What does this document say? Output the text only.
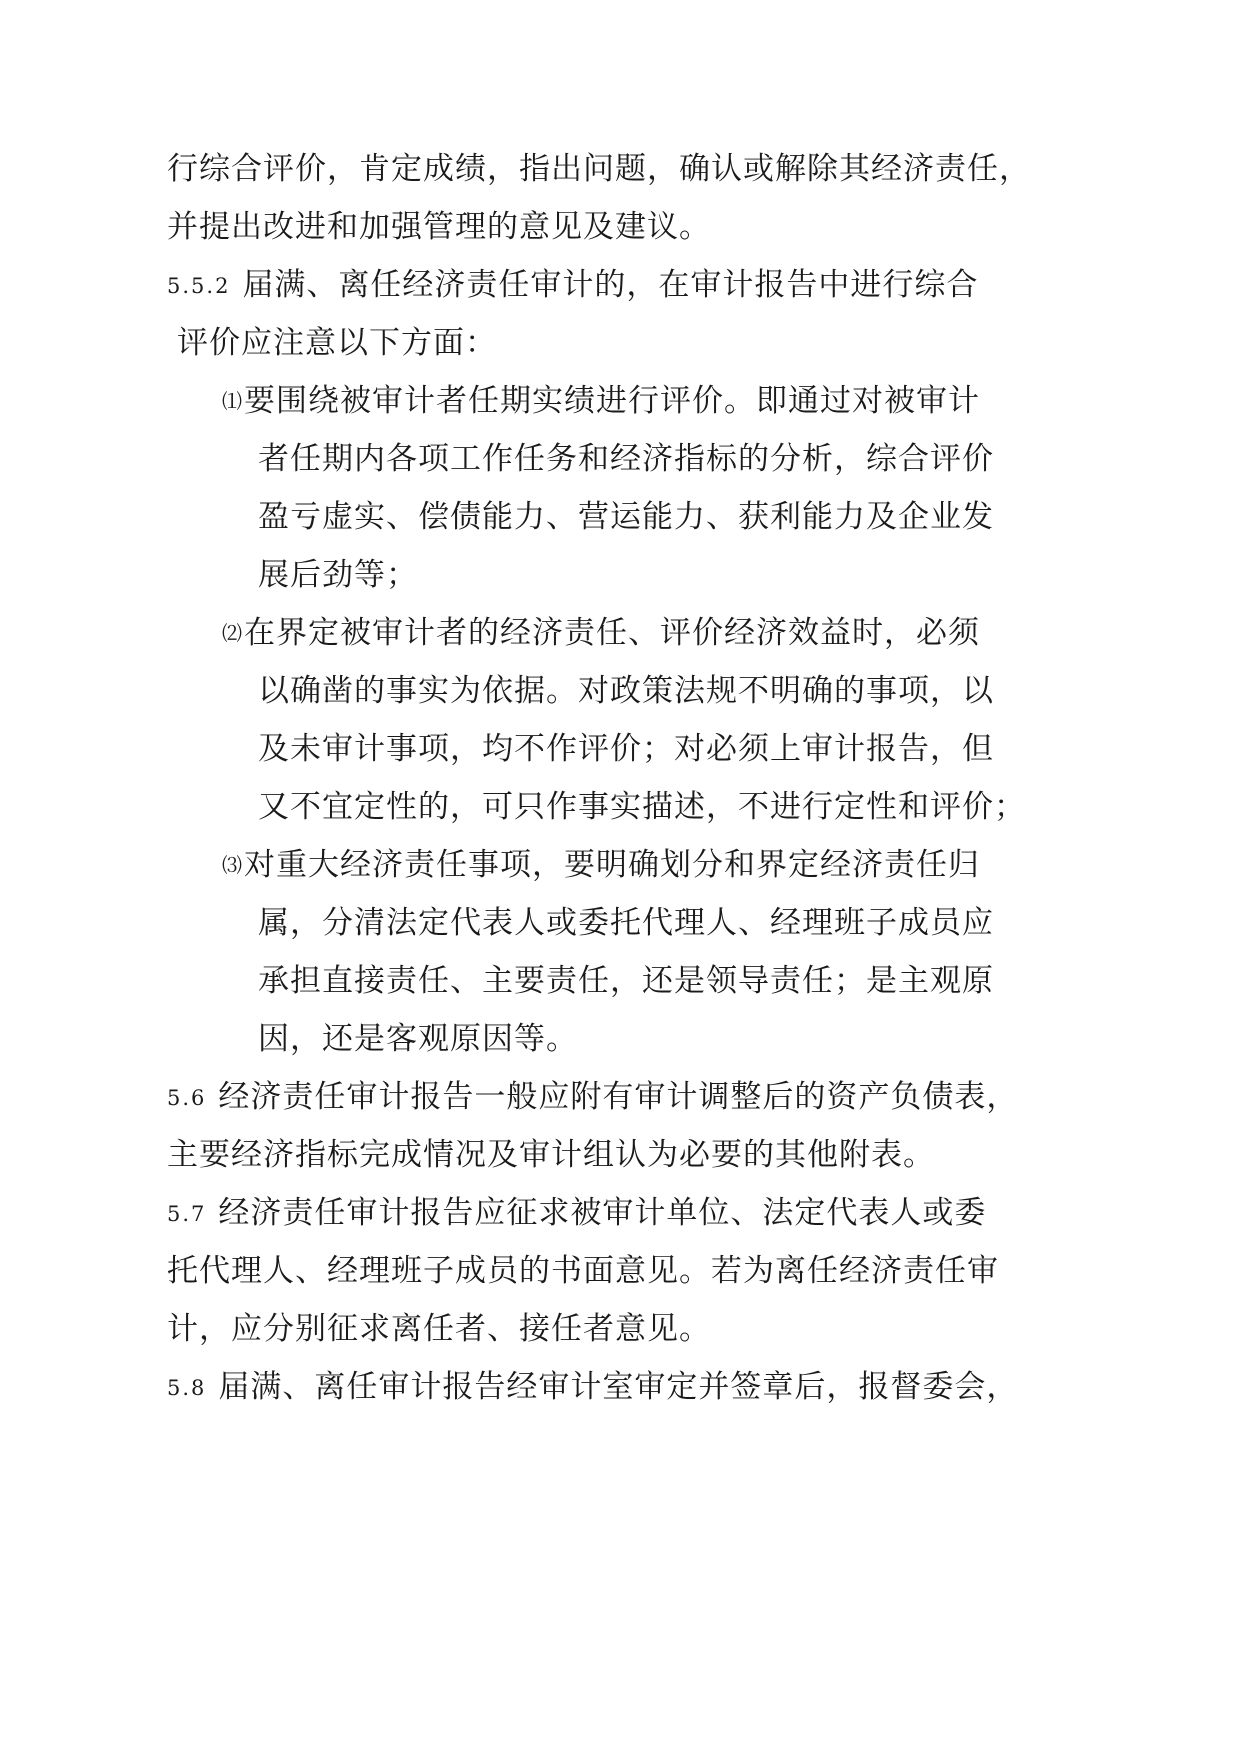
行综合评价，肯定成绩，指出问题，确认或解除其经济责任，
并提出改进和加强管理的意见及建议。
5.5.2 届满、离任经济责任审计的，在审计报告中进行综合
评价应注意以下方面：
⑴要围绕被审计者任期实绩进行评价。即通过对被审计
者任期内各项工作任务和经济指标的分析，综合评价
盈亏虚实、偿债能力、营运能力、获利能力及企业发
展后劲等；
⑵在界定被审计者的经济责任、评价经济效益时，必须
以确凿的事实为依据。对政策法规不明确的事项，以
及未审计事项，均不作评价；对必须上审计报告，但
又不宜定性的，可只作事实描述，不进行定性和评价；
⑶对重大经济责任事项，要明确划分和界定经济责任归
属，分清法定代表人或委托代理人、经理班子成员应
承担直接责任、主要责任，还是领导责任；是主观原
因，还是客观原因等。
5.6 经济责任审计报告一般应附有审计调整后的资产负债表，
主要经济指标完成情况及审计组认为必要的其他附表。
5.7 经济责任审计报告应征求被审计单位、法定代表人或委
托代理人、经理班子成员的书面意见。若为离任经济责任审
计，应分别征求离任者、接任者意见。
5.8 届满、离任审计报告经审计室审定并签章后，报督委会，
